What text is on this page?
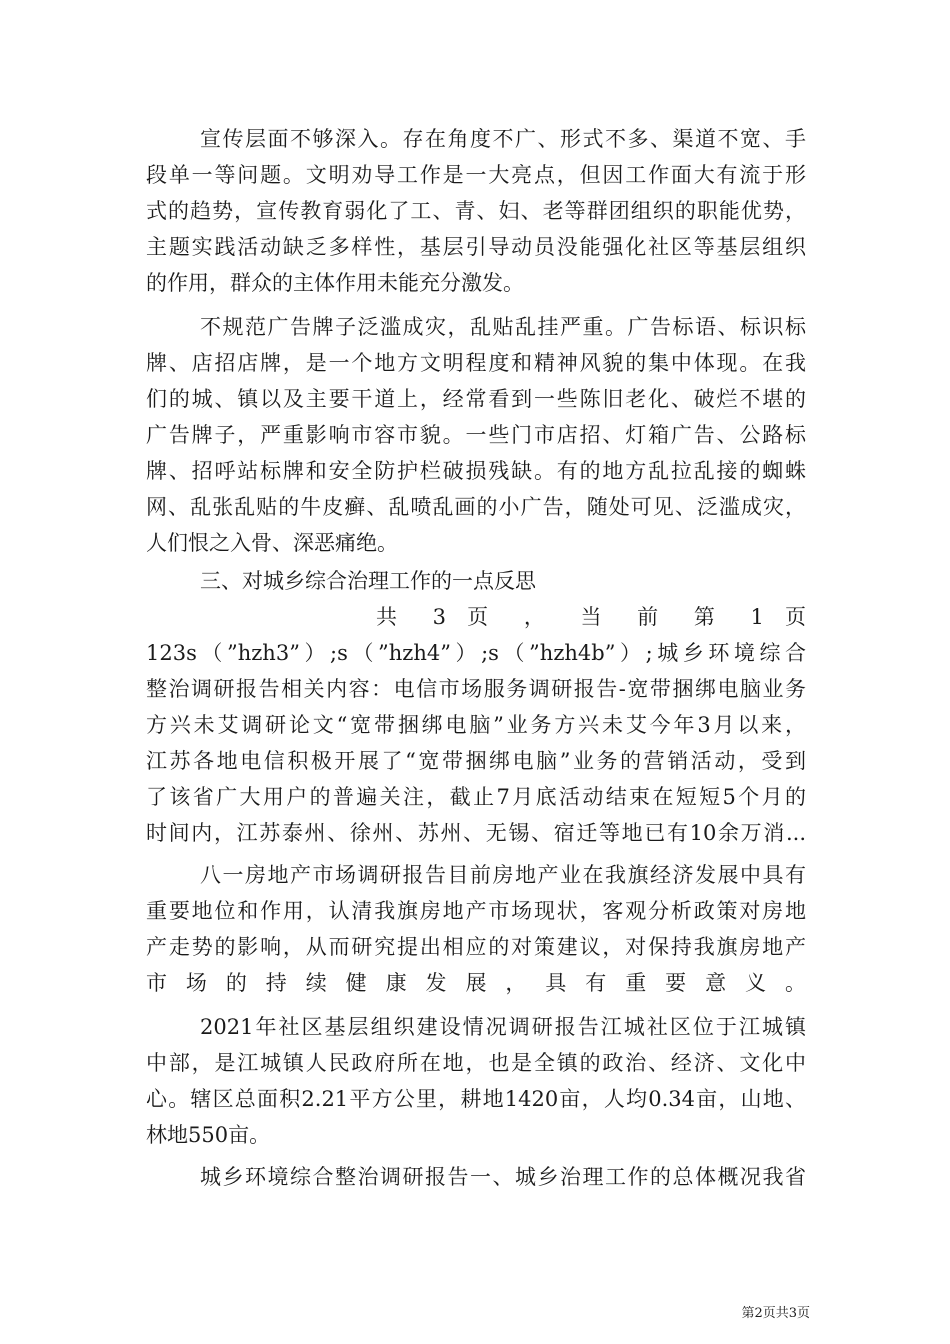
宣传层面不够深入。存在角度不广、形式不多、渠道不宽、手
段单一等问题。文明劝导工作是一大亮点，但因工作面大有流于形
式的趋势，宣传教育弱化了工、青、妇、老等群团组织的职能优势，
主题实践活动缺乏多样性，基层引导动员没能强化社区等基层组织
的作用，群众的主体作用未能充分激发。
不规范广告牌子泛滥成灾，乱贴乱挂严重。广告标语、标识标
牌、店招店牌，是一个地方文明程度和精神风貌的集中体现。在我
们的城、镇以及主要干道上，经常看到一些陈旧老化、破烂不堪的
广告牌子，严重影响市容市貌。一些门市店招、灯箱广告、公路标
牌、招呼站标牌和安全防护栏破损残缺。有的地方乱拉乱接的蜘蛛
网、乱张乱贴的牛皮癣、乱喷乱画的小广告，随处可见、泛滥成灾，
人们恨之入骨、深恶痛绝。
三、对城乡综合治理工作的一点反思
共 3 页 ， 当 前 第 1 页
123s（”hzh3”）;s（”hzh4”）;s（”hzh4b”）;城乡环境综合
整治调研报告相关内容：电信市场服务调研报告-宽带捆绑电脑业务
方兴未艾调研论文“宽带捆绑电脑”业务方兴未艾今年3月以来，
江苏各地电信积极开展了“宽带捆绑电脑”业务的营销活动，受到
了该省广大用户的普遍关注，截止7月底活动结束在短短5个月的
时间内，江苏泰州、徐州、苏州、无锡、宿迁等地已有10余万消...
八一房地产市场调研报告目前房地产业在我旗经济发展中具有
重要地位和作用，认清我旗房地产市场现状，客观分析政策对房地
产走势的影响，从而研究提出相应的对策建议，对保持我旗房地产
市场的持续健康发展，具有重要意义。
2021年社区基层组织建设情况调研报告江城社区位于江城镇
中部，是江城镇人民政府所在地，也是全镇的政治、经济、文化中
心。辖区总面积2.21平方公里，耕地1420亩，人均0.34亩，山地、
林地550亩。
城乡环境综合整治调研报告一、城乡治理工作的总体概况我省
第2页共3页
